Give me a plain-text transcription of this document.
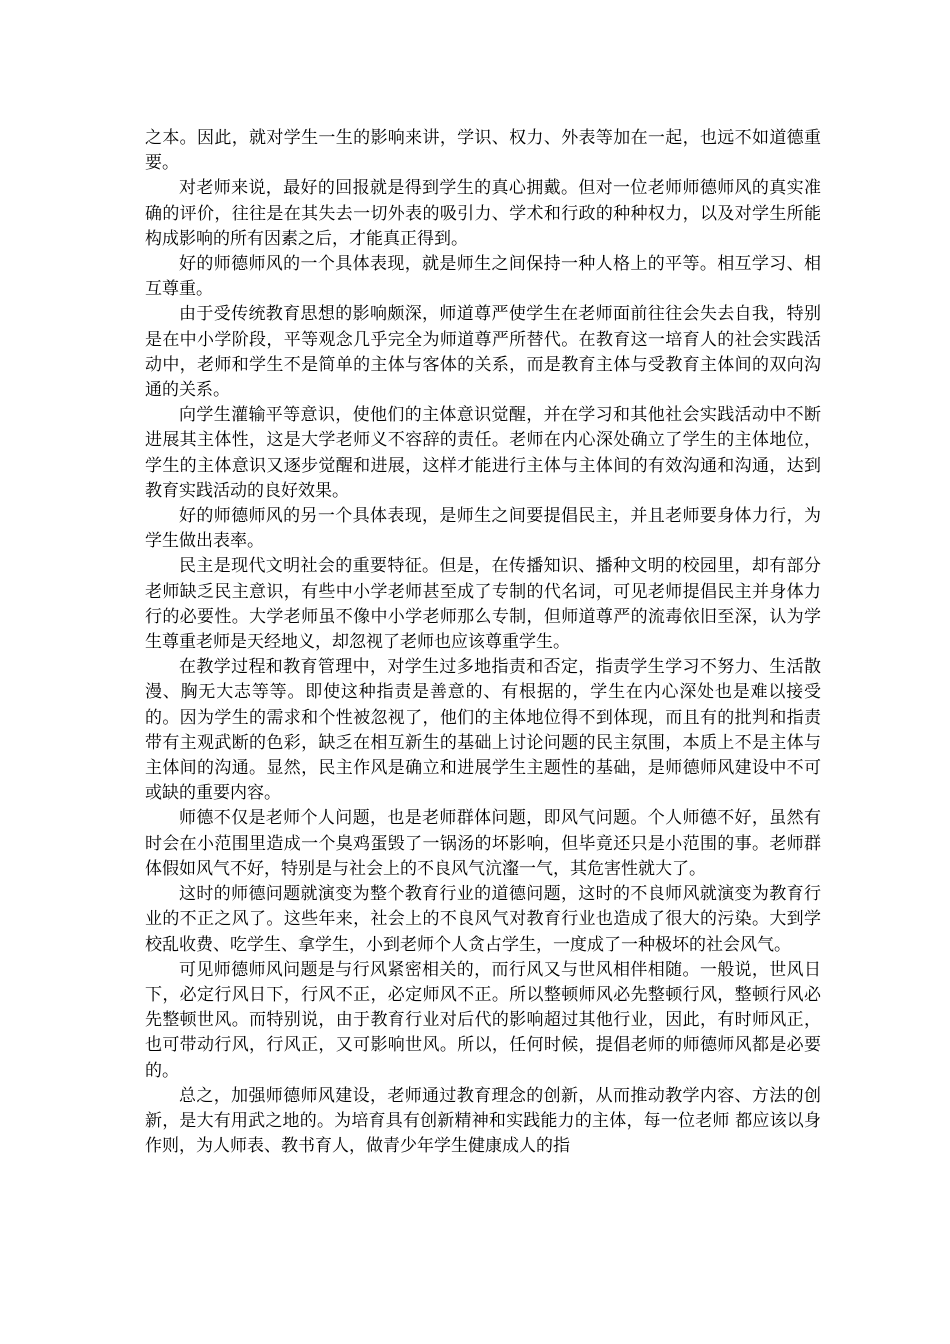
之本。因此，就对学生一生的影响来讲，学识、权力、外表等加在一起，也远不如道德重要。

对老师来说，最好的回报就是得到学生的真心拥戴。但对一位老师师德师风的真实准确的评价，往往是在其失去一切外表的吸引力、学术和行政的种种权力，以及对学生所能构成影响的所有因素之后，才能真正得到。

好的师德师风的一个具体表现，就是师生之间保持一种人格上的平等。相互学习、相互尊重。

由于受传统教育思想的影响颇深，师道尊严使学生在老师面前往往会失去自我，特别是在中小学阶段，平等观念几乎完全为师道尊严所替代。在教育这一培育人的社会实践活动中，老师和学生不是简单的主体与客体的关系，而是教育主体与受教育主体间的双向沟通的关系。

向学生灌输平等意识，使他们的主体意识觉醒，并在学习和其他社会实践活动中不断进展其主体性，这是大学老师义不容辞的责任。老师在内心深处确立了学生的主体地位，学生的主体意识又逐步觉醒和进展，这样才能进行主体与主体间的有效沟通和沟通，达到教育实践活动的良好效果。

好的师德师风的另一个具体表现，是师生之间要提倡民主，并且老师要身体力行，为学生做出表率。

民主是现代文明社会的重要特征。但是，在传播知识、播种文明的校园里，却有部分老师缺乏民主意识，有些中小学老师甚至成了专制的代名词，可见老师提倡民主并身体力行的必要性。大学老师虽不像中小学老师那么专制，但师道尊严的流毒依旧至深，认为学生尊重老师是天经地义，却忽视了老师也应该尊重学生。

在教学过程和教育管理中，对学生过多地指责和否定，指责学生学习不努力、生活散漫、胸无大志等等。即使这种指责是善意的、有根据的，学生在内心深处也是难以接受的。因为学生的需求和个性被忽视了，他们的主体地位得不到体现，而且有的批判和指责带有主观武断的色彩，缺乏在相互新生的基础上讨论问题的民主氛围，本质上不是主体与主体间的沟通。显然，民主作风是确立和进展学生主题性的基础，是师德师风建设中不可或缺的重要内容。

师德不仅是老师个人问题，也是老师群体问题，即风气问题。个人师德不好，虽然有时会在小范围里造成一个臭鸡蛋毁了一锅汤的坏影响，但毕竟还只是小范围的事。老师群体假如风气不好，特别是与社会上的不良风气沆瀣一气，其危害性就大了。

这时的师德问题就演变为整个教育行业的道德问题，这时的不良师风就演变为教育行业的不正之风了。这些年来，社会上的不良风气对教育行业也造成了很大的污染。大到学校乱收费、吃学生、拿学生，小到老师个人贪占学生，一度成了一种极坏的社会风气。

可见师德师风问题是与行风紧密相关的，而行风又与世风相伴相随。一般说，世风日下，必定行风日下，行风不正，必定师风不正。所以整顿师风必先整顿行风，整顿行风必先整顿世风。而特别说，由于教育行业对后代的影响超过其他行业，因此，有时师风正，也可带动行风，行风正，又可影响世风。所以，任何时候，提倡老师的师德师风都是必要的。

总之，加强师德师风建设，老师通过教育理念的创新，从而推动教学内容、方法的创新，是大有用武之地的。为培育具有创新精神和实践能力的主体，每一位老师 都应该以身作则，为人师表、教书育人，做青少年学生健康成人的指
